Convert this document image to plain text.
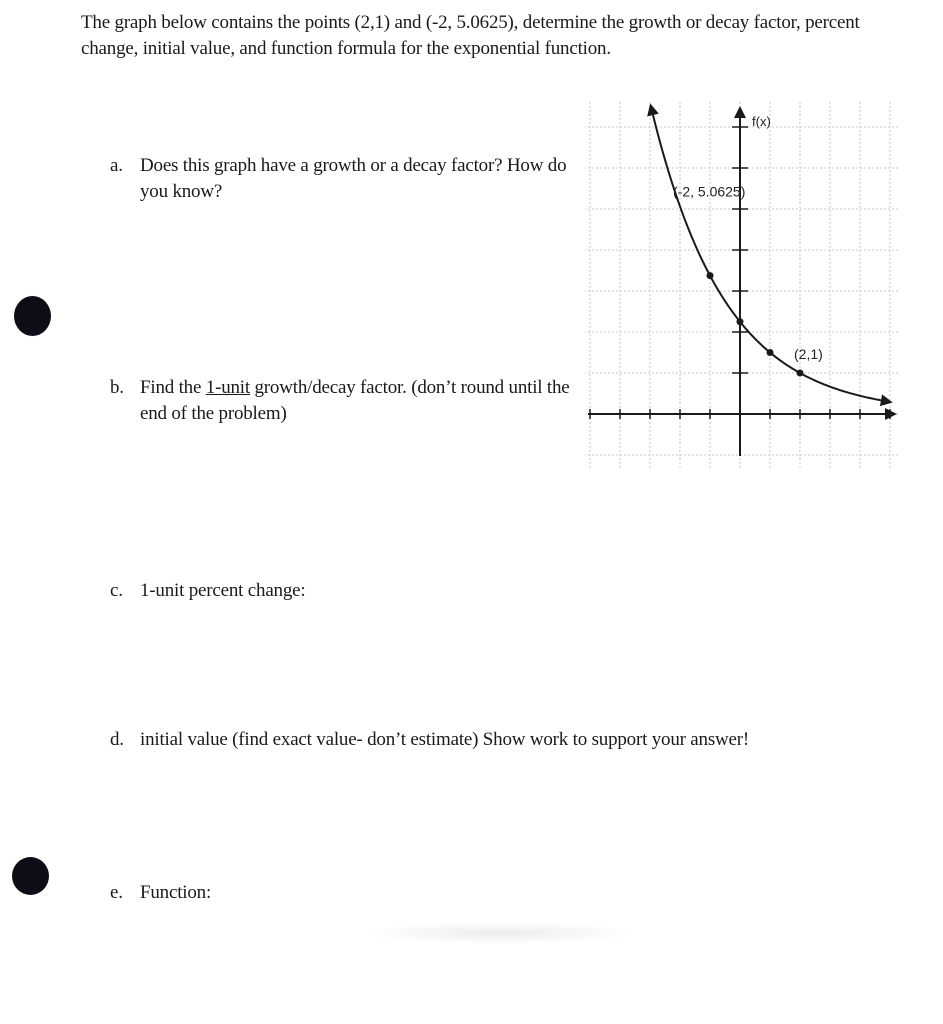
The graph below contains the points (2,1) and (-2, 5.0625), determine the growth or decay factor, percent change, initial value, and function formula for the exponential function.
a. Does this graph have a growth or a decay factor? How do you know?
b. Find the 1-unit growth/decay factor. (don’t round until the end of the problem)
c. 1-unit percent change:
d. initial value (find exact value- don’t estimate) Show work to support your answer!
e. Function:
f(x)
(-2, 5.0625)
(2,1)
